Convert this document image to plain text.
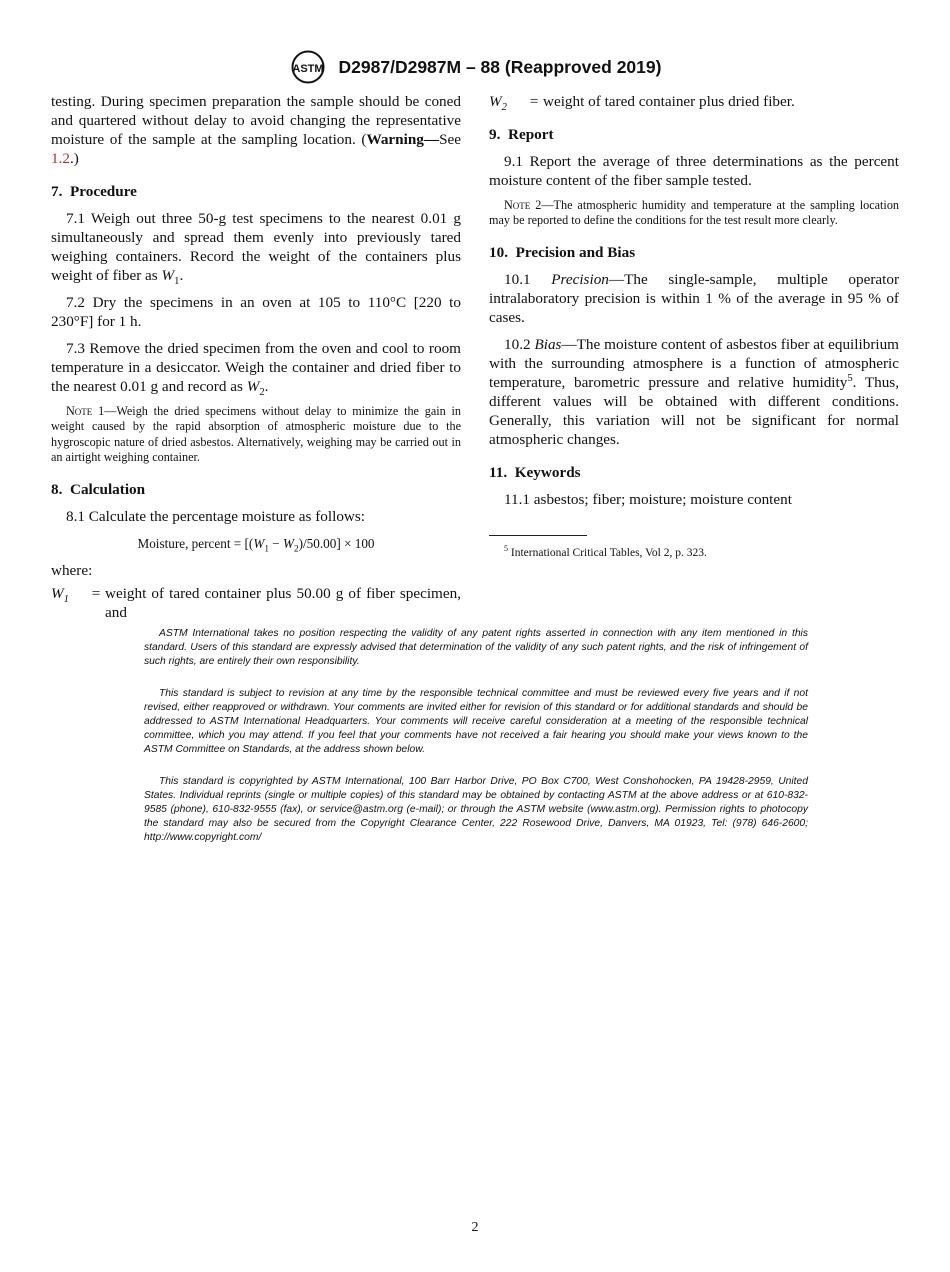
ASTM D2987/D2987M – 88 (Reapproved 2019)

testing. During specimen preparation the sample should be coned and quartered without delay to avoid changing the representative moisture of the sample at the sampling location. (Warning—See 1.2.)

7. Procedure

7.1 Weigh out three 50-g test specimens to the nearest 0.01 g simultaneously and spread them evenly into previously tared weighing containers. Record the weight of the containers plus weight of fiber as $W_1$.

7.2 Dry the specimens in an oven at 105 to 110°C [220 to 230°F] for 1 h.

7.3 Remove the dried specimen from the oven and cool to room temperature in a desiccator. Weigh the container and dried fiber to the nearest 0.01 g and record as $W_2$.

Note 1—Weigh the dried specimens without delay to minimize the gain in weight caused by the rapid absorption of atmospheric moisture due to the hygroscopic nature of dried asbestos. Alternatively, weighing may be carried out in an airtight weighing container.

8. Calculation

8.1 Calculate the percentage moisture as follows:

Moisture, percent = $[(W_1 - W_2)/50.00] \times 100$
where:
$W_1$	= weight of tared container plus 50.00 g of fiber specimen, and
$W_2$	= weight of tared container plus dried fiber.
9. Report

9.1 Report the average of three determinations as the percent moisture content of the fiber sample tested.

Note 2—The atmospheric humidity and temperature at the sampling location may be reported to define the conditions for the test result more clearly.

10. Precision and Bias

10.1 Precision—The single-sample, multiple operator intralaboratory precision is within 1 % of the average in 95 % of cases.

10.2 Bias—The moisture content of asbestos fiber at equilibrium with the surrounding atmosphere is a function of atmospheric temperature, barometric pressure and relative humidity$^5$. Thus, different values will be obtained with different conditions. Generally, this variation will not be significant for normal atmospheric changes.

11. Keywords

11.1 asbestos; fiber; moisture; moisture content

$^5$ International Critical Tables, Vol 2, p. 323.

ASTM International takes no position respecting the validity of any patent rights asserted in connection with any item mentioned in this standard. Users of this standard are expressly advised that determination of the validity of any such patent rights, and the risk of infringement of such rights, are entirely their own responsibility.

This standard is subject to revision at any time by the responsible technical committee and must be reviewed every five years and if not revised, either reapproved or withdrawn. Your comments are invited either for revision of this standard or for additional standards and should be addressed to ASTM International Headquarters. Your comments will receive careful consideration at a meeting of the responsible technical committee, which you may attend. If you feel that your comments have not received a fair hearing you should make your views known to the ASTM Committee on Standards, at the address shown below.

This standard is copyrighted by ASTM International, 100 Barr Harbor Drive, PO Box C700, West Conshohocken, PA 19428-2959, United States. Individual reprints (single or multiple copies) of this standard may be obtained by contacting ASTM at the above address or at 610-832-9585 (phone), 610-832-9555 (fax), or service@astm.org (e-mail); or through the ASTM website (www.astm.org). Permission rights to photocopy the standard may also be secured from the Copyright Clearance Center, 222 Rosewood Drive, Danvers, MA 01923, Tel: (978) 646-2600; http://www.copyright.com/

2
